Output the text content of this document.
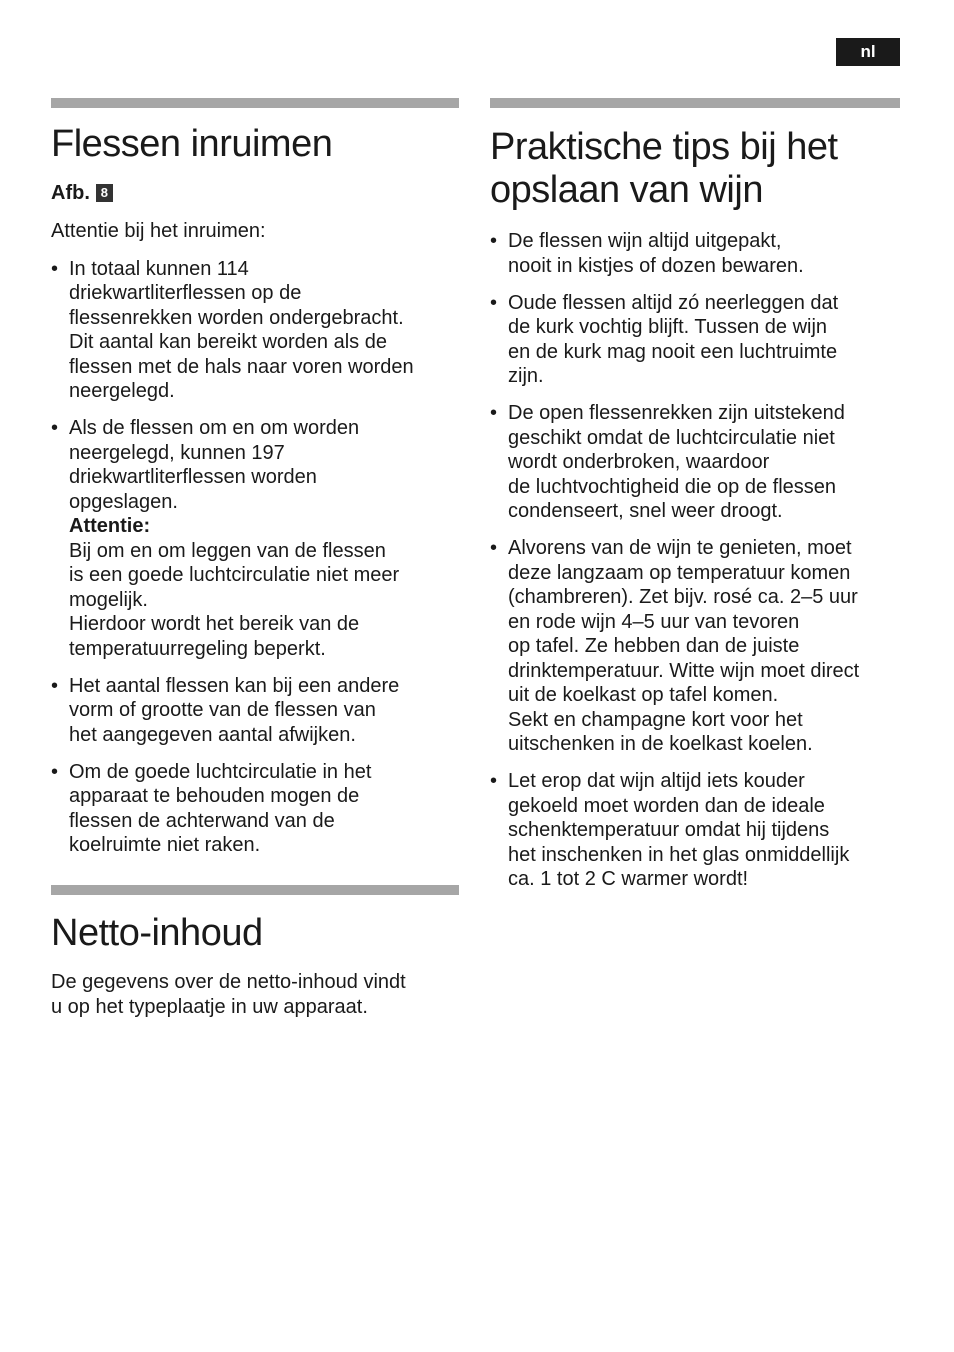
nl
Flessen inruimen
Afb. 8

Attentie bij het inruimen:

• In totaal kunnen 114
driekwartliterflessen op de
flessenrekken worden ondergebracht.
Dit aantal kan bereikt worden als de
flessen met de hals naar voren worden
neergelegd.
• Als de flessen om en om worden
neergelegd, kunnen 197
driekwartliterflessen worden
opgeslagen.
Attentie:
Bij om en om leggen van de flessen
is een goede luchtcirculatie niet meer
mogelijk.
Hierdoor wordt het bereik van de
temperatuurregeling beperkt.
• Het aantal flessen kan bij een andere
vorm of grootte van de flessen van
het aangegeven aantal afwijken.
• Om de goede luchtcirculatie in het
apparaat te behouden mogen de
flessen de achterwand van de
koelruimte niet raken.
Netto-inhoud
De gegevens over de netto-inhoud vindt
u op het typeplaatje in uw apparaat.
Praktische tips bij het
opslaan van wijn
• De flessen wijn altijd uitgepakt,
nooit in kistjes of dozen bewaren.
• Oude flessen altijd zó neerleggen dat
de kurk vochtig blijft. Tussen de wijn
en de kurk mag nooit een luchtruimte
zijn.
• De open flessenrekken zijn uitstekend
geschikt omdat de luchtcirculatie niet
wordt onderbroken, waardoor
de luchtvochtigheid die op de flessen
condenseert, snel weer droogt.
• Alvorens van de wijn te genieten, moet
deze langzaam op temperatuur komen
(chambreren). Zet bijv. rosé ca. 2–5 uur
en rode wijn 4–5 uur van tevoren
op tafel. Ze hebben dan de juiste
drinktemperatuur. Witte wijn moet direct
uit de koelkast op tafel komen.
Sekt en champagne kort voor het
uitschenken in de koelkast koelen.
• Let erop dat wijn altijd iets kouder
gekoeld moet worden dan de ideale
schenktemperatuur omdat hij tijdens
het inschenken in het glas onmiddellijk
ca. 1 tot 2 C warmer wordt!
